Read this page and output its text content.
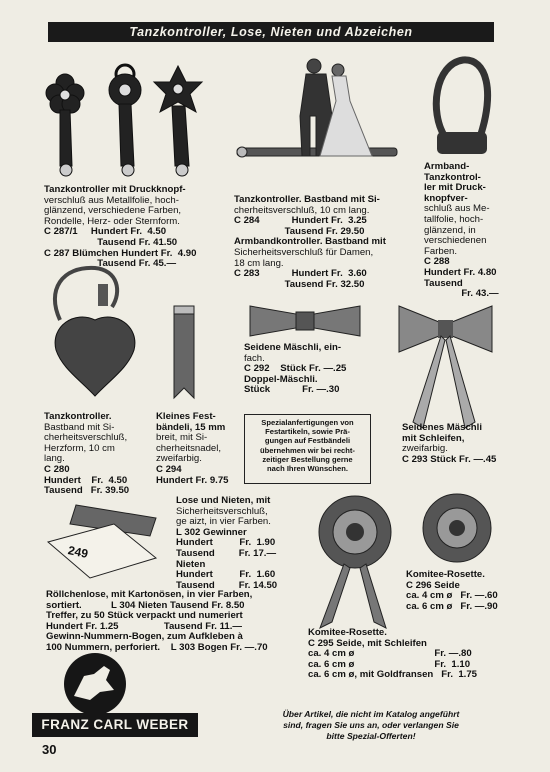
Tanzkontroller, Lose, Nieten und Abzeichen
249
Tanzkontroller mit Druckknopf-
verschluß aus Metallfolie, hoch-
glänzend, verschiedene Farben,
Rondelle, Herz- oder Sternform.
C 287/1     Hundert Fr.  4.50
Tausend Fr. 41.50
C 287 Blümchen Hundert Fr.  4.90
Tausend Fr. 45.—
Tanzkontroller. Bastband mit Si-
cherheitsverschluß, 10 cm lang.
C 284            Hundert Fr.  3.25
Tausend Fr. 29.50
Armbandkontroller. Bastband mit
Sicherheitsverschluß für Damen,
18 cm lang.
C 283            Hundert Fr.  3.60
Tausend Fr. 32.50
Armband-
Tanzkontrol-
ler mit Druck-
knopfver-
schluß aus Me-
tallfolie, hoch-
glänzend, in
verschiedenen
Farben.
C 288
Hundert Fr. 4.80
Tausend
Fr. 43.—
Tanzkontroller.
Bastband mit Si-
cherheitsverschluß,
Herzform, 10 cm
lang.
C 280
Hundert    Fr.  4.50
Tausend   Fr. 39.50
Kleines Fest-
bändeli, 15 mm
breit, mit Si-
cherheitsnadel,
zweifarbig.
C 294
Hundert Fr. 9.75
Seidene Mäschli, ein-
fach.
C 292    Stück Fr. —.25
Doppel-Mäschli.
Stück            Fr. —.30
Seidenes Mäschli
mit Schleifen,
zweifarbig.
C 293 Stück Fr. —.45
Spezialanfertigungen von
Festartikeln, sowie Prä-
gungen auf Festbändeli
übernehmen wir bei recht-
zeitiger Bestellung gerne
nach Ihren Wünschen.
Lose und Nieten, mit
Sicherheitsverschluß,
ge aizt, in vier Farben.
L 302 Gewinner
Hundert          Fr.  1.90
Tausend         Fr. 17.—
Nieten
Hundert          Fr.  1.60
Tausend         Fr. 14.50
Röllchenlose, mit Kartonösen, in vier Farben,
sortiert.           L 304 Nieten Tausend Fr. 8.50
Treffer, zu 50 Stück verpackt und numeriert
Hundert Fr. 1.25                 Tausend Fr. 11.—
Gewinn-Nummern-Bogen, zum Aufkleben à
100 Nummern, perforiert.    L 303 Bogen Fr. —.70
Komitee-Rosette.
C 296 Seide
ca. 4 cm ø   Fr. —.60
ca. 6 cm ø   Fr. —.90
Komitee-Rosette.
C 295 Seide, mit Schleifen
ca. 4 cm ø                              Fr. —.80
ca. 6 cm ø                              Fr.  1.10
ca. 6 cm ø, mit Goldfransen   Fr.  1.75
FRANZ CARL WEBER
Über Artikel, die nicht im Katalog angeführt
sind, fragen Sie uns an, oder verlangen Sie
bitte Spezial-Offerten!
30
